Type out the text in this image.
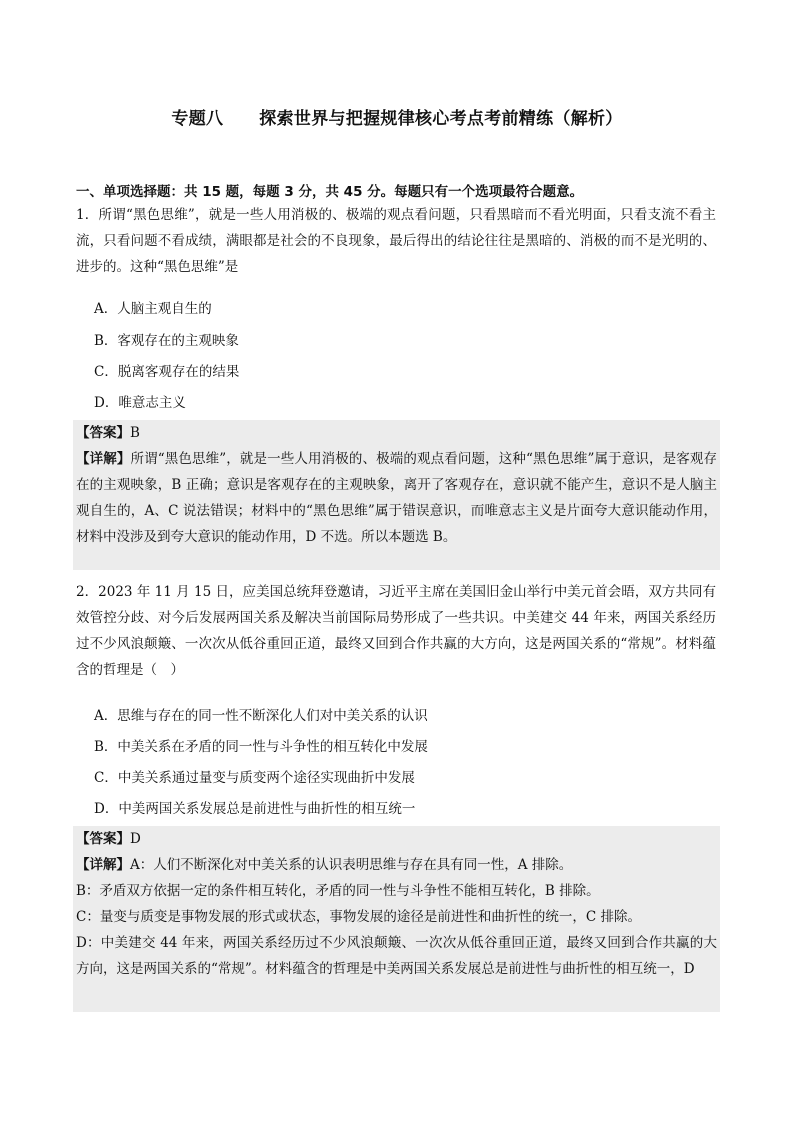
专题八 探索世界与把握规律核心考点考前精练（解析）
一、单项选择题：共 15 题，每题 3 分，共 45 分。每题只有一个选项最符合题意。
1．所谓“黑色思维”，就是一些人用消极的、极端的观点看问题，只看黑暗而不看光明面，只看支流不看主流，只看问题不看成绩，满眼都是社会的不良现象，最后得出的结论往往是黑暗的、消极的而不是光明的、进步的。这种“黑色思维”是
A．人脑主观自生的
B．客观存在的主观映象
C．脱离客观存在的结果
D．唯意志主义
【答案】B
【详解】所谓“黑色思维”，就是一些人用消极的、极端的观点看问题，这种“黑色思维”属于意识，是客观存在的主观映象，B 正确；意识是客观存在的主观映象，离开了客观存在，意识就不能产生，意识不是人脑主观自生的，A、C 说法错误；材料中的“黑色思维”属于错误意识，而唯意志主义是片面夸大意识能动作用，材料中没涉及到夸大意识的能动作用，D 不选。所以本题选 B。
2．2023 年 11 月 15 日，应美国总统拜登邀请，习近平主席在美国旧金山举行中美元首会晤，双方共同有效管控分歧、对今后发展两国关系及解决当前国际局势形成了一些共识。中美建交 44 年来，两国关系经历过不少风浪颠簸、一次次从低谷重回正道，最终又回到合作共赢的大方向，这是两国关系的“常规”。材料蕴含的哲理是（　）
A．思维与存在的同一性不断深化人们对中美关系的认识
B．中美关系在矛盾的同一性与斗争性的相互转化中发展
C．中美关系通过量变与质变两个途径实现曲折中发展
D．中美两国关系发展总是前进性与曲折性的相互统一
【答案】D
【详解】A：人们不断深化对中美关系的认识表明思维与存在具有同一性，A 排除。
B：矛盾双方依据一定的条件相互转化，矛盾的同一性与斗争性不能相互转化，B 排除。
C：量变与质变是事物发展的形式或状态，事物发展的途径是前进性和曲折性的统一，C 排除。
D：中美建交 44 年来，两国关系经历过不少风浪颠簸、一次次从低谷重回正道，最终又回到合作共赢的大方向，这是两国关系的“常规”。材料蕴含的哲理是中美两国关系发展总是前进性与曲折性的相互统一，D
